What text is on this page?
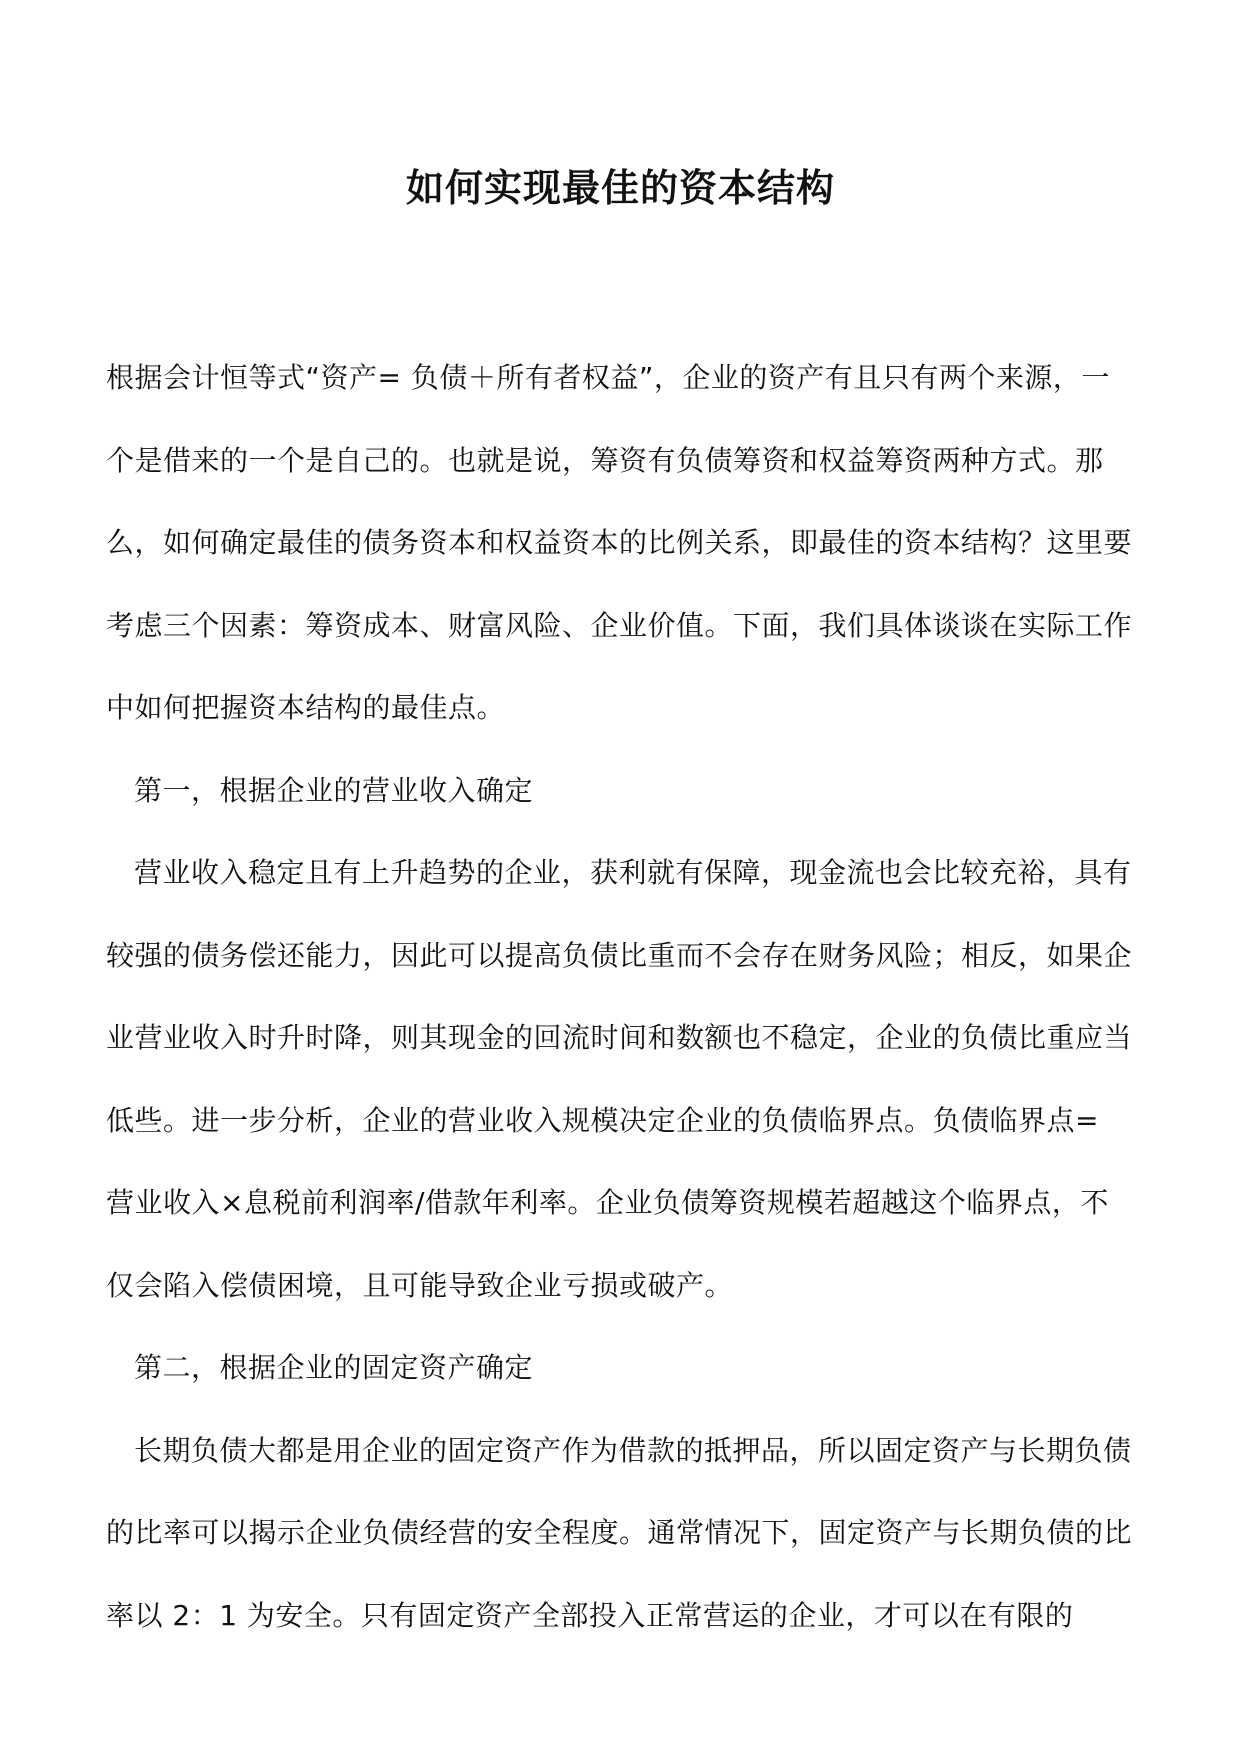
如何实现最佳的资本结构

根据会计恒等式“资产= 负债＋所有者权益”，企业的资产有且只有两个来源，一个是借来的一个是自己的。也就是说，筹资有负债筹资和权益筹资两种方式。那么，如何确定最佳的债务资本和权益资本的比例关系，即最佳的资本结构？这里要考虑三个因素：筹资成本、财富风险、企业价值。下面，我们具体谈谈在实际工作中如何把握资本结构的最佳点。

第一，根据企业的营业收入确定

营业收入稳定且有上升趋势的企业，获利就有保障，现金流也会比较充裕，具有较强的债务偿还能力，因此可以提高负债比重而不会存在财务风险；相反，如果企业营业收入时升时降，则其现金的回流时间和数额也不稳定，企业的负债比重应当低些。进一步分析，企业的营业收入规模决定企业的负债临界点。负债临界点= 营业收入×息税前利润率/借款年利率。企业负债筹资规模若超越这个临界点，不仅会陷入偿债困境，且可能导致企业亏损或破产。

第二，根据企业的固定资产确定

长期负债大都是用企业的固定资产作为借款的抵押品，所以固定资产与长期负债的比率可以揭示企业负债经营的安全程度。通常情况下，固定资产与长期负债的比率以 2：1 为安全。只有固定资产全部投入正常营运的企业，才可以在有限的
